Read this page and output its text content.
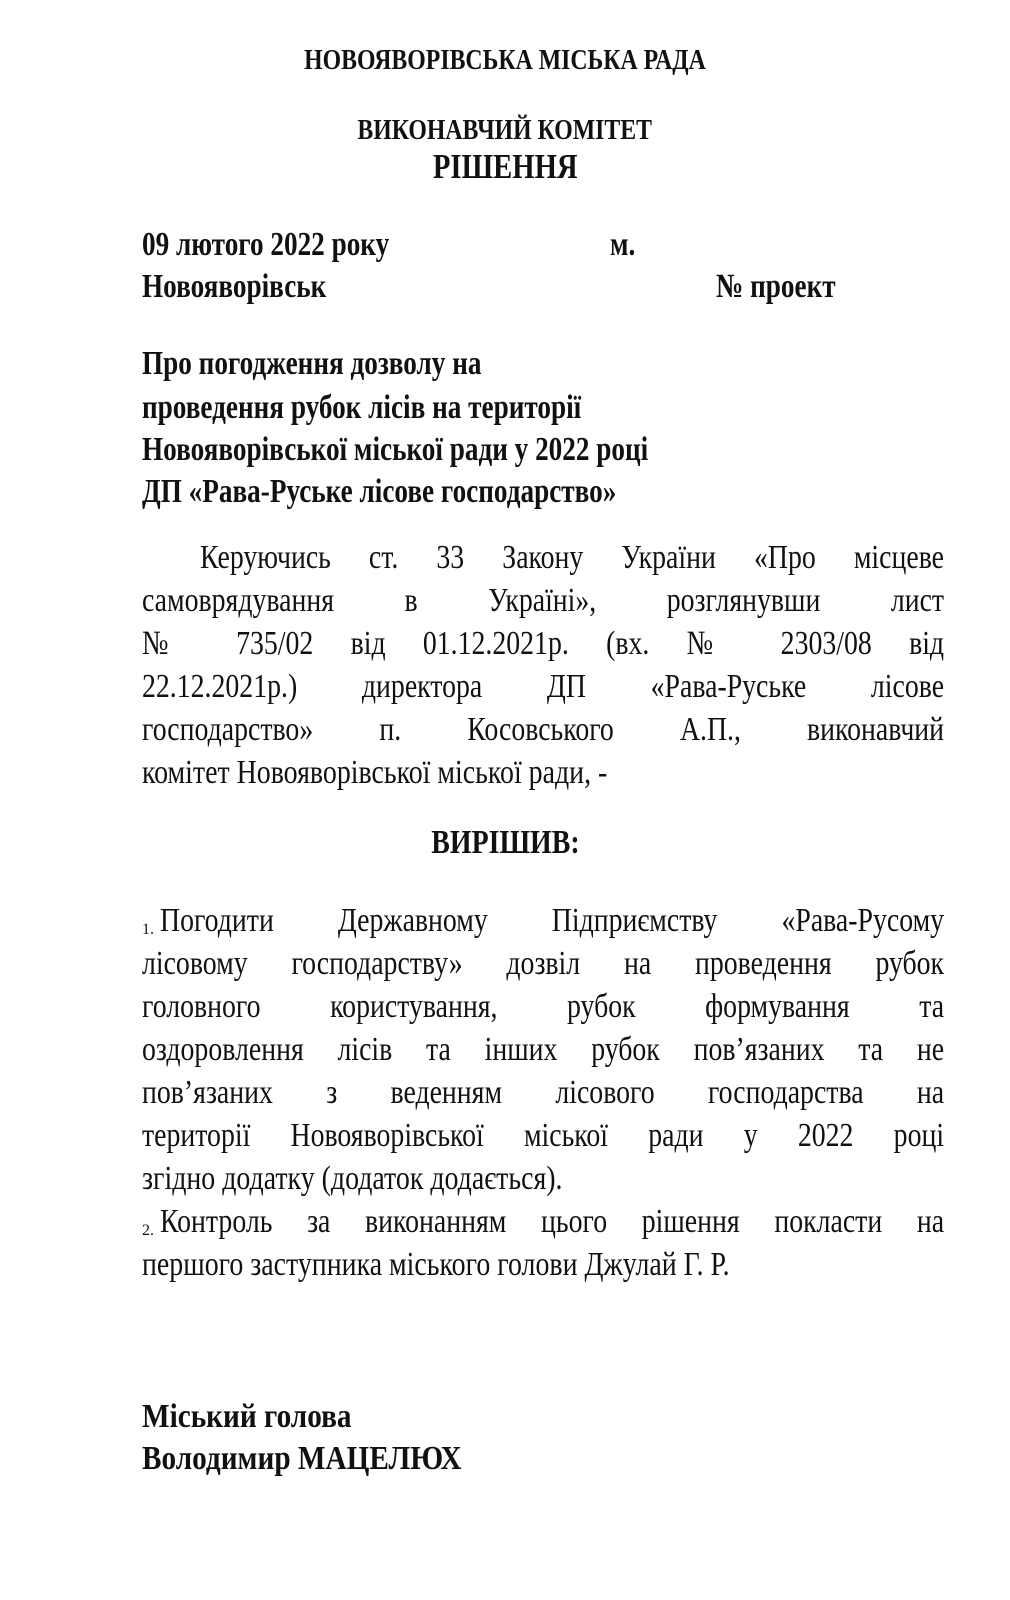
НОВОЯВОРІВСЬКА МІСЬКА РАДА
ВИКОНАВЧИЙ КОМІТЕТ
РІШЕННЯ
09 лютого 2022 року	м.
Новояворівськ	№ проект
Про погодження дозволу на
проведення рубок лісів на території
Новояворівської міської ради у 2022 році
ДП «Рава-Руське лісове господарство»
Керуючись ст. 33 Закону України «Про місцеве
самоврядування в Україні», розглянувши лист
№ 735/02 від 01.12.2021р. (вх. № 2303/08 від
22.12.2021р.) директора ДП «Рава-Руське лісове
господарство» п. Косовського А.П., виконавчий
комітет Новояворівської міської ради, -
ВИРІШИВ:
1. Погодити Державному Підприємству «Рава-Русому
лісовому господарству» дозвіл на проведення рубок
головного користування, рубок формування та
оздоровлення лісів та інших рубок пов’язаних та не
пов’язаних з веденням лісового господарства на
території Новояворівської міської ради у 2022 році
згідно додатку (додаток додається).
2. Контроль за виконанням цього рішення покласти на
першого заступника міського голови Джулай Г. Р.
Міський голова
Володимир МАЦЕЛЮХ
